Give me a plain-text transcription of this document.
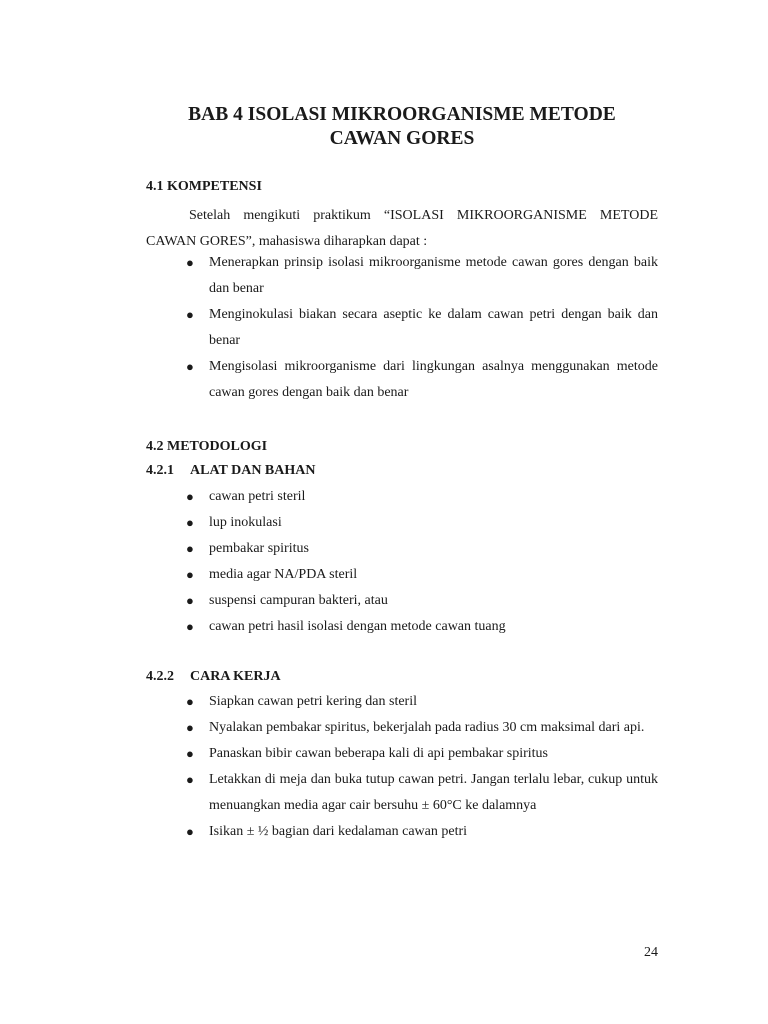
BAB 4 ISOLASI MIKROORGANISME METODE
CAWAN GORES
4.1 KOMPETENSI

Setelah mengikuti praktikum “ISOLASI MIKROORGANISME METODE CAWAN GORES”, mahasiswa diharapkan dapat :

● Menerapkan prinsip isolasi mikroorganisme metode cawan gores dengan baik dan benar
● Menginokulasi biakan secara aseptic ke dalam cawan petri dengan baik dan benar
● Mengisolasi mikroorganisme dari lingkungan asalnya menggunakan metode cawan gores dengan baik dan benar
4.2 METODOLOGI
4.2.1 ALAT DAN BAHAN
● cawan petri steril
● lup inokulasi
● pembakar spiritus
● media agar NA/PDA steril
● suspensi campuran bakteri, atau
● cawan petri hasil isolasi dengan metode cawan tuang
4.2.2 CARA KERJA
● Siapkan cawan petri kering dan steril
● Nyalakan pembakar spiritus, bekerjalah pada radius 30 cm maksimal dari api.
● Panaskan bibir cawan beberapa kali di api pembakar spiritus
● Letakkan di meja dan buka tutup cawan petri. Jangan terlalu lebar, cukup untuk menuangkan media agar cair bersuhu ± 60°C ke dalamnya
● Isikan ± ½ bagian dari kedalaman cawan petri
24
